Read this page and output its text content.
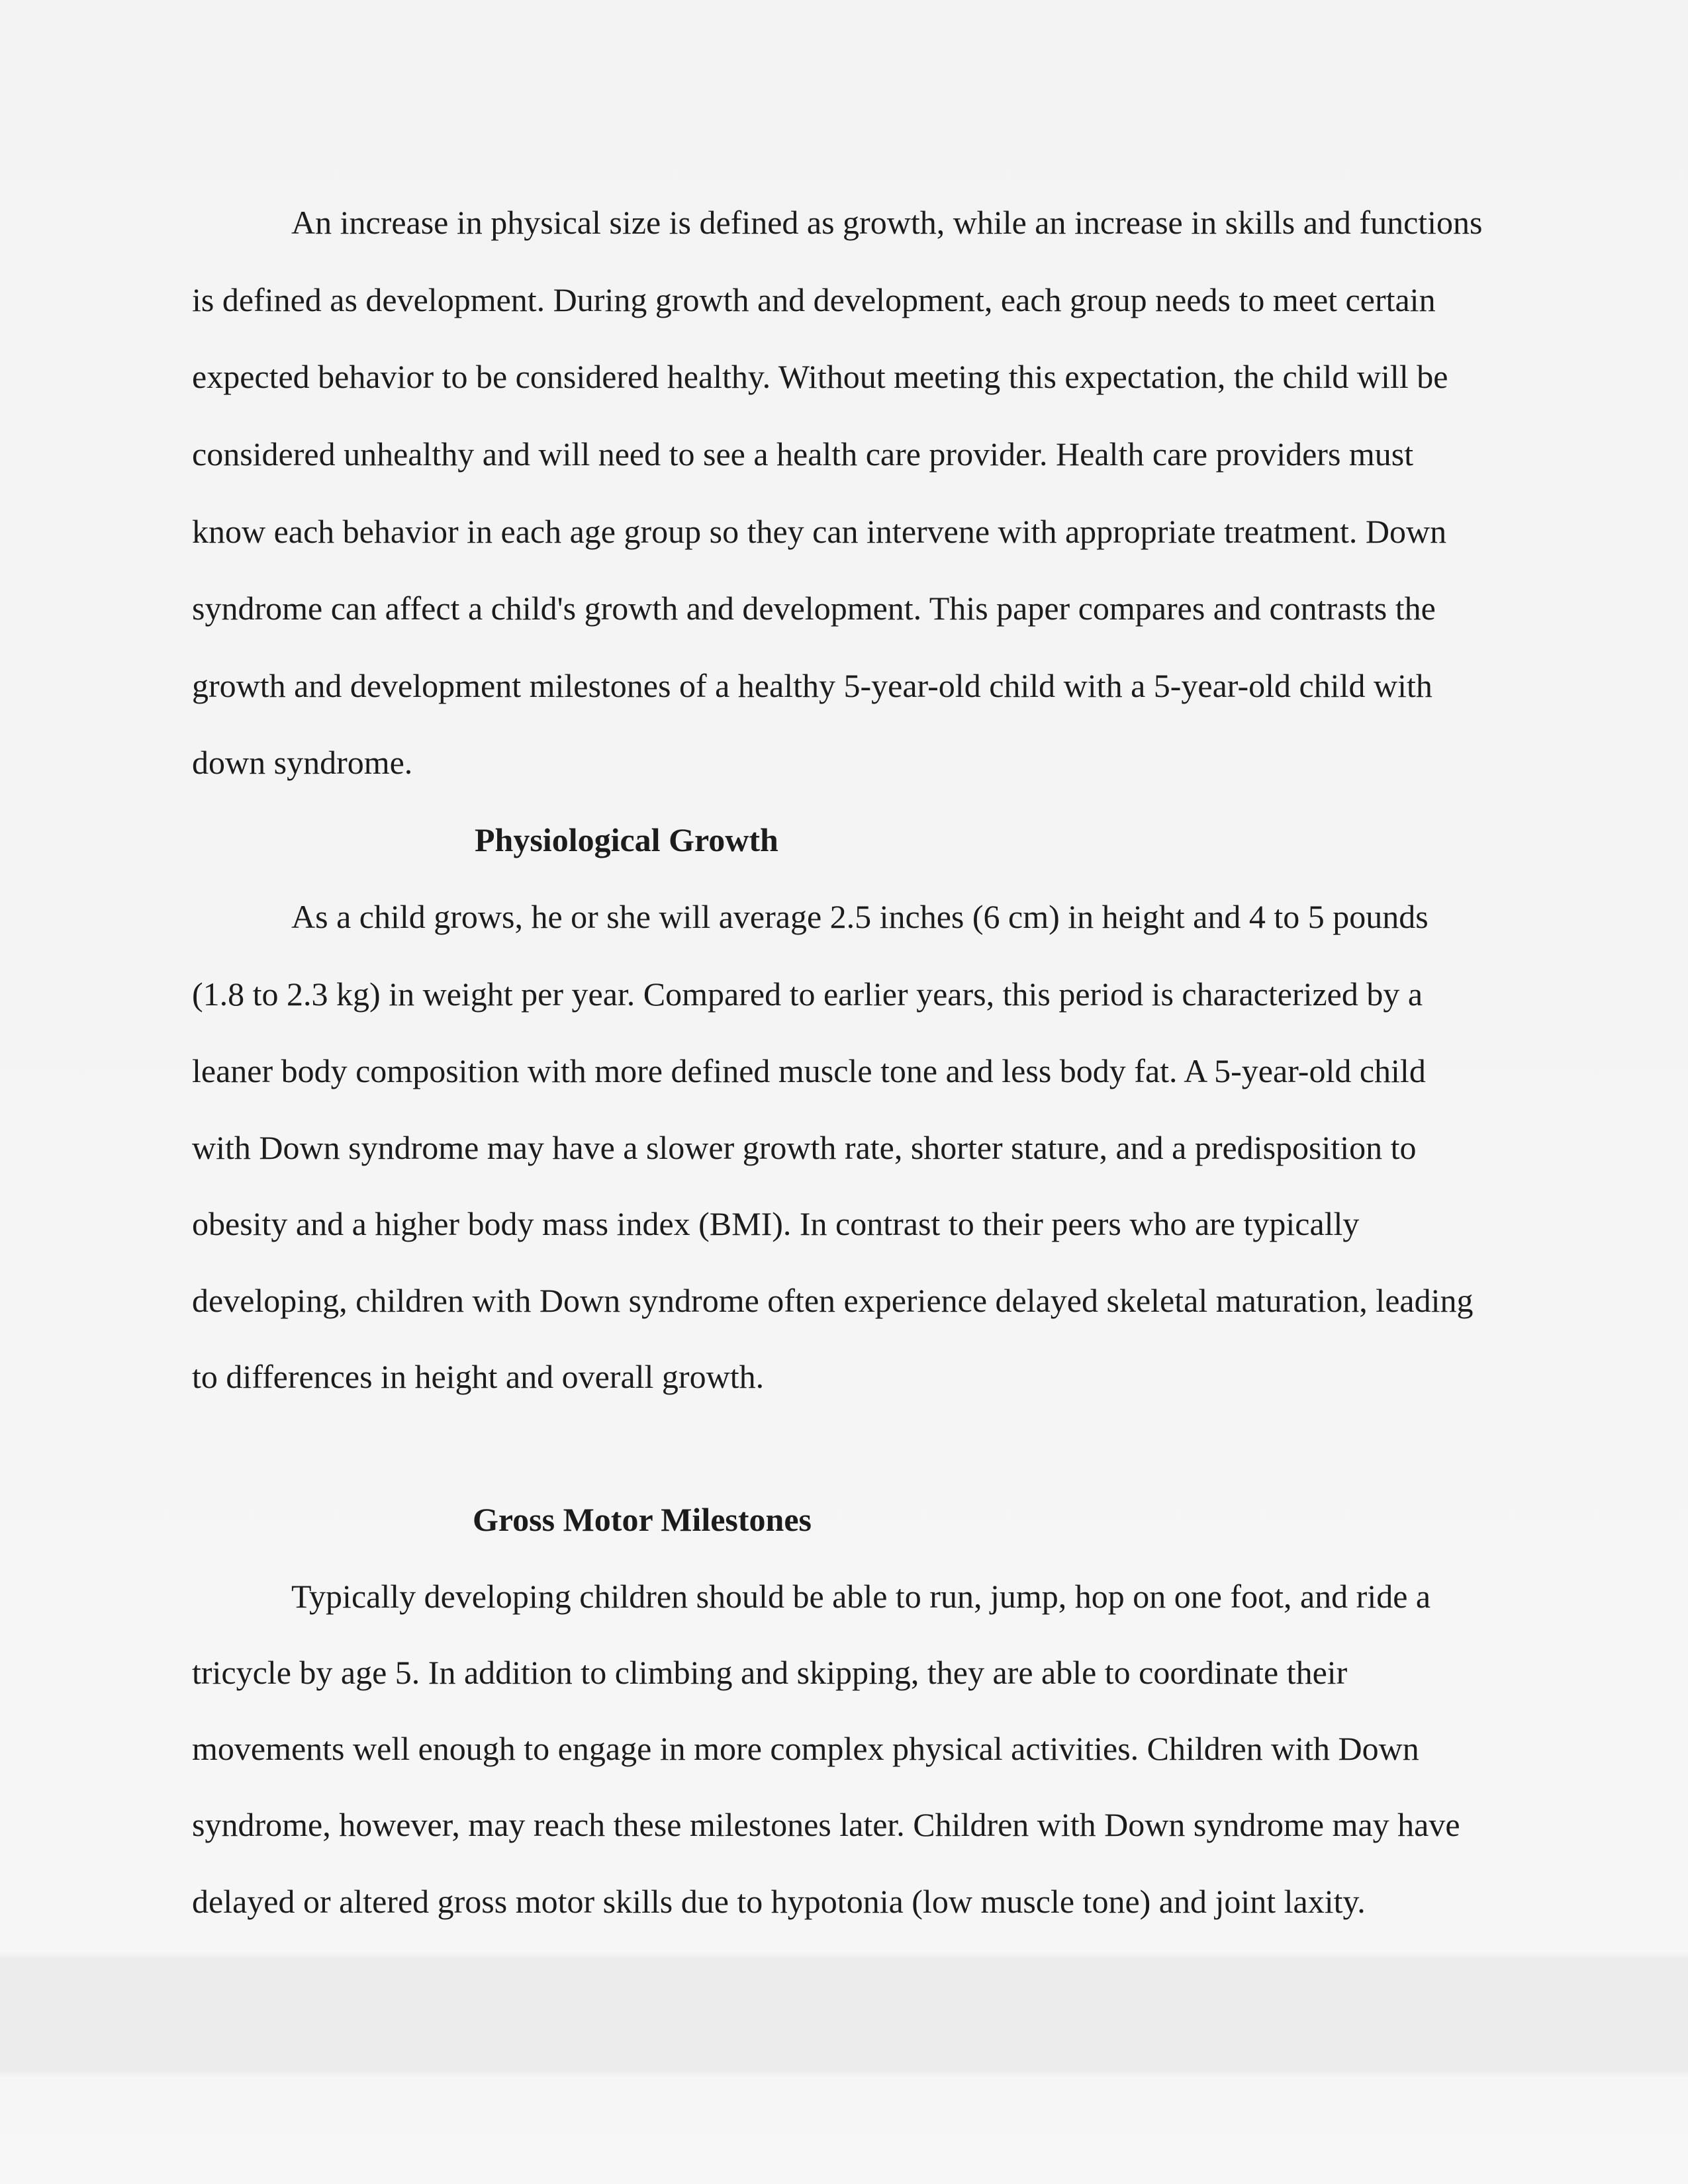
An increase in physical size is defined as growth, while an increase in skills and functions
is defined as development. During growth and development, each group needs to meet certain
expected behavior to be considered healthy. Without meeting this expectation, the child will be
considered unhealthy and will need to see a health care provider. Health care providers must
know each behavior in each age group so they can intervene with appropriate treatment. Down
syndrome can affect a child's growth and development. This paper compares and contrasts the
growth and development milestones of a healthy 5-year-old child with a 5-year-old child with
down syndrome.
Physiological Growth
As a child grows, he or she will average 2.5 inches (6 cm) in height and 4 to 5 pounds
(1.8 to 2.3 kg) in weight per year. Compared to earlier years, this period is characterized by a
leaner body composition with more defined muscle tone and less body fat. A 5-year-old child
with Down syndrome may have a slower growth rate, shorter stature, and a predisposition to
obesity and a higher body mass index (BMI). In contrast to their peers who are typically
developing, children with Down syndrome often experience delayed skeletal maturation, leading
to differences in height and overall growth.
Gross Motor Milestones
Typically developing children should be able to run, jump, hop on one foot, and ride a
tricycle by age 5. In addition to climbing and skipping, they are able to coordinate their
movements well enough to engage in more complex physical activities. Children with Down
syndrome, however, may reach these milestones later. Children with Down syndrome may have
delayed or altered gross motor skills due to hypotonia (low muscle tone) and joint laxity.
